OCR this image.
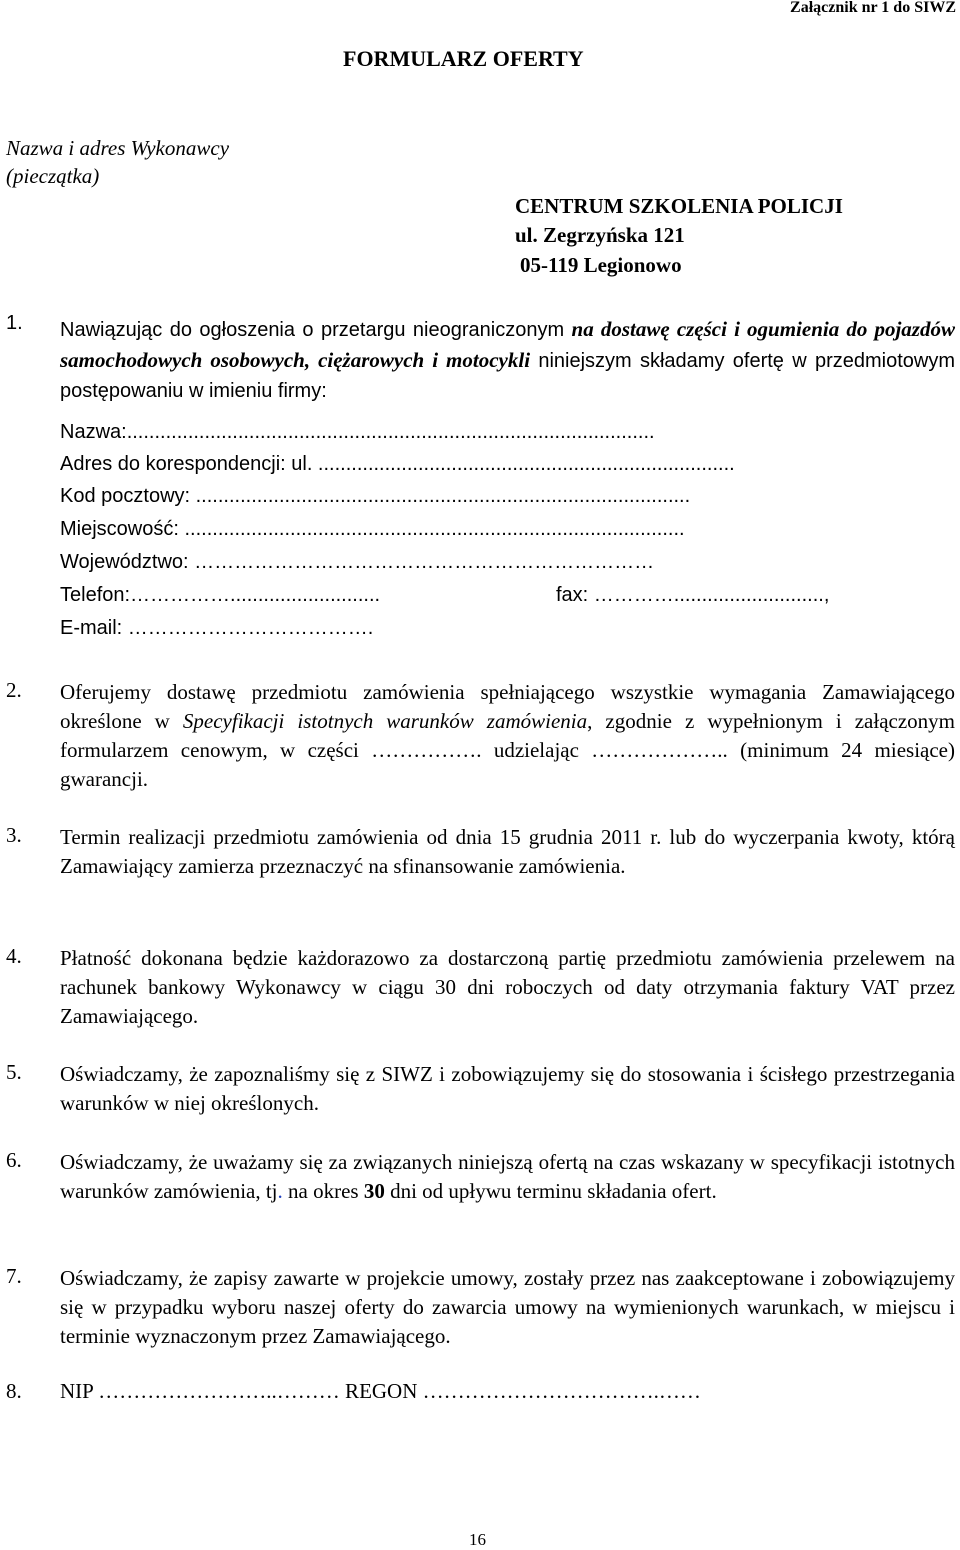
Załącznik nr 1 do SIWZ
FORMULARZ OFERTY
Nazwa i adres Wykonawcy
(pieczątka)
CENTRUM SZKOLENIA POLICJI
ul. Zegrzyńska 121
05-119 Legionowo
1. Nawiązując do ogłoszenia o przetargu nieograniczonym na dostawę części i ogumienia do pojazdów samochodowych osobowych, ciężarowych i motocykli niniejszym składamy ofertę w przedmiotowym postępowaniu w imieniu firmy:
Nazwa:...............................................................................................
Adres do korespondencji: ul. ...........................................................................
Kod pocztowy: .........................................................................................
Miejscowość: ..........................................................................................
Województwo: ……………………………………………………………
Telefon:……………...........................	fax: …………...........................,
E-mail: ……………………………….
2. Oferujemy dostawę przedmiotu zamówienia spełniającego wszystkie wymagania Zamawiającego określone w Specyfikacji istotnych warunków zamówienia, zgodnie z wypełnionym i załączonym formularzem cenowym, w części ……………. udzielając ……………….. (minimum 24 miesiące) gwarancji.
3. Termin realizacji przedmiotu zamówienia od dnia 15 grudnia 2011 r. lub do wyczerpania kwoty, którą Zamawiający zamierza przeznaczyć na sfinansowanie zamówienia.
4. Płatność dokonana będzie każdorazowo za dostarczoną partię przedmiotu zamówienia przelewem na rachunek bankowy Wykonawcy w ciągu 30 dni roboczych od daty otrzymania faktury VAT przez Zamawiającego.
5. Oświadczamy, że zapoznaliśmy się z SIWZ i zobowiązujemy się do stosowania i ścisłego przestrzegania warunków w niej określonych.
6. Oświadczamy, że uważamy się za związanych niniejszą ofertą na czas wskazany w specyfikacji istotnych warunków zamówienia, tj. na okres 30 dni od upływu terminu składania ofert.
7. Oświadczamy, że zapisy zawarte w projekcie umowy, zostały przez nas zaakceptowane i zobowiązujemy się w przypadku wyboru naszej oferty do zawarcia umowy na wymienionych warunkach, w miejscu i terminie wyznaczonym przez Zamawiającego.
8. NIP ……………………..……… REGON …………………………….……
16
